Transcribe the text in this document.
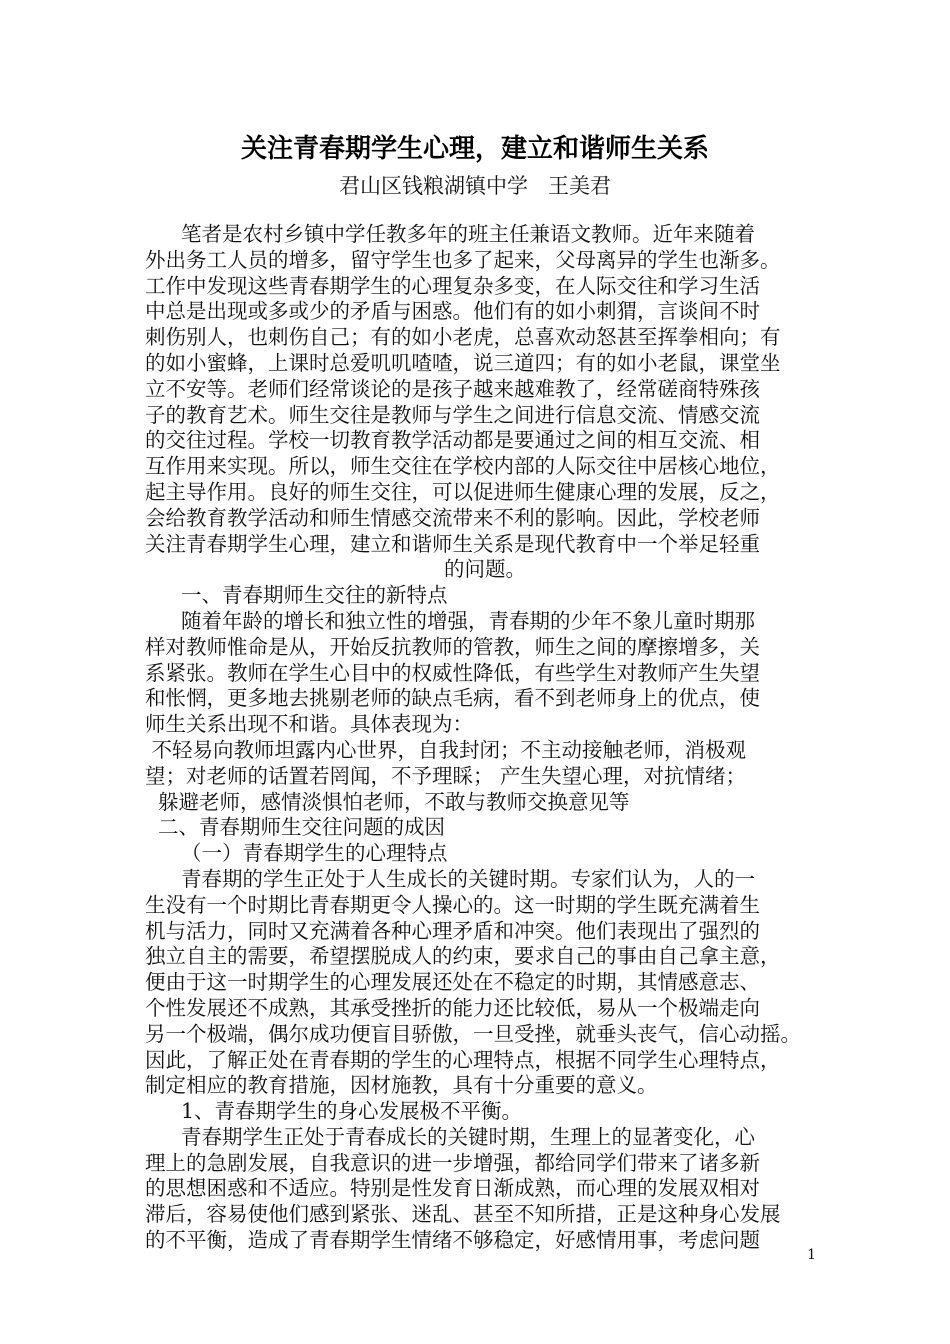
关注青春期学生心理，建立和谐师生关系
君山区钱粮湖镇中学   王美君
笔者是农村乡镇中学任教多年的班主任兼语文教师。近年来随着
外出务工人员的增多，留守学生也多了起来，父母离异的学生也渐多。
工作中发现这些青春期学生的心理复杂多变，在人际交往和学习生活
中总是出现或多或少的矛盾与困惑。他们有的如小刺猬，言谈间不时
刺伤别人，也刺伤自己；有的如小老虎，总喜欢动怒甚至挥拳相向；有
的如小蜜蜂，上课时总爱叽叽喳喳，说三道四；有的如小老鼠，课堂坐
立不安等。老师们经常谈论的是孩子越来越难教了，经常磋商特殊孩
子的教育艺术。师生交往是教师与学生之间进行信息交流、情感交流
的交往过程。学校一切教育教学活动都是要通过之间的相互交流、相
互作用来实现。所以，师生交往在学校内部的人际交往中居核心地位，
起主导作用。良好的师生交往，可以促进师生健康心理的发展，反之，
会给教育教学活动和师生情感交流带来不利的影响。因此，学校老师
关注青春期学生心理，建立和谐师生关系是现代教育中一个举足轻重
的问题。
一、青春期师生交往的新特点
随着年龄的增长和独立性的增强，青春期的少年不象儿童时期那
样对教师惟命是从，开始反抗教师的管教，师生之间的摩擦增多，关
系紧张。教师在学生心目中的权威性降低，有些学生对教师产生失望
和怅惘，更多地去挑剔老师的缺点毛病，看不到老师身上的优点，使
师生关系出现不和谐。具体表现为：
不轻易向教师坦露内心世界，自我封闭；不主动接触老师，消极观
望；对老师的话置若罔闻，不予理睬； 产生失望心理，对抗情绪；
躲避老师，感情淡惧怕老师，不敢与教师交换意见等
二、青春期师生交往问题的成因
（一）青春期学生的心理特点
青春期的学生正处于人生成长的关键时期。专家们认为，人的一
生没有一个时期比青春期更令人操心的。这一时期的学生既充满着生
机与活力，同时又充满着各种心理矛盾和冲突。他们表现出了强烈的
独立自主的需要，希望摆脱成人的约束，要求自己的事由自己拿主意，
便由于这一时期学生的心理发展还处在不稳定的时期，其情感意志、
个性发展还不成熟，其承受挫折的能力还比较低，易从一个极端走向
另一个极端，偶尔成功便盲目骄傲，一旦受挫，就垂头丧气，信心动摇。
因此，了解正处在青春期的学生的心理特点，根据不同学生心理特点，
制定相应的教育措施，因材施教，具有十分重要的意义。
1、青春期学生的身心发展极不平衡。
青春期学生正处于青春成长的关键时期，生理上的显著变化，心
理上的急剧发展，自我意识的进一步增强，都给同学们带来了诸多新
的思想困惑和不适应。特别是性发育日渐成熟，而心理的发展双相对
滞后，容易使他们感到紧张、迷乱、甚至不知所措，正是这种身心发展
的不平衡，造成了青春期学生情绪不够稳定，好感情用事，考虑问题
1
